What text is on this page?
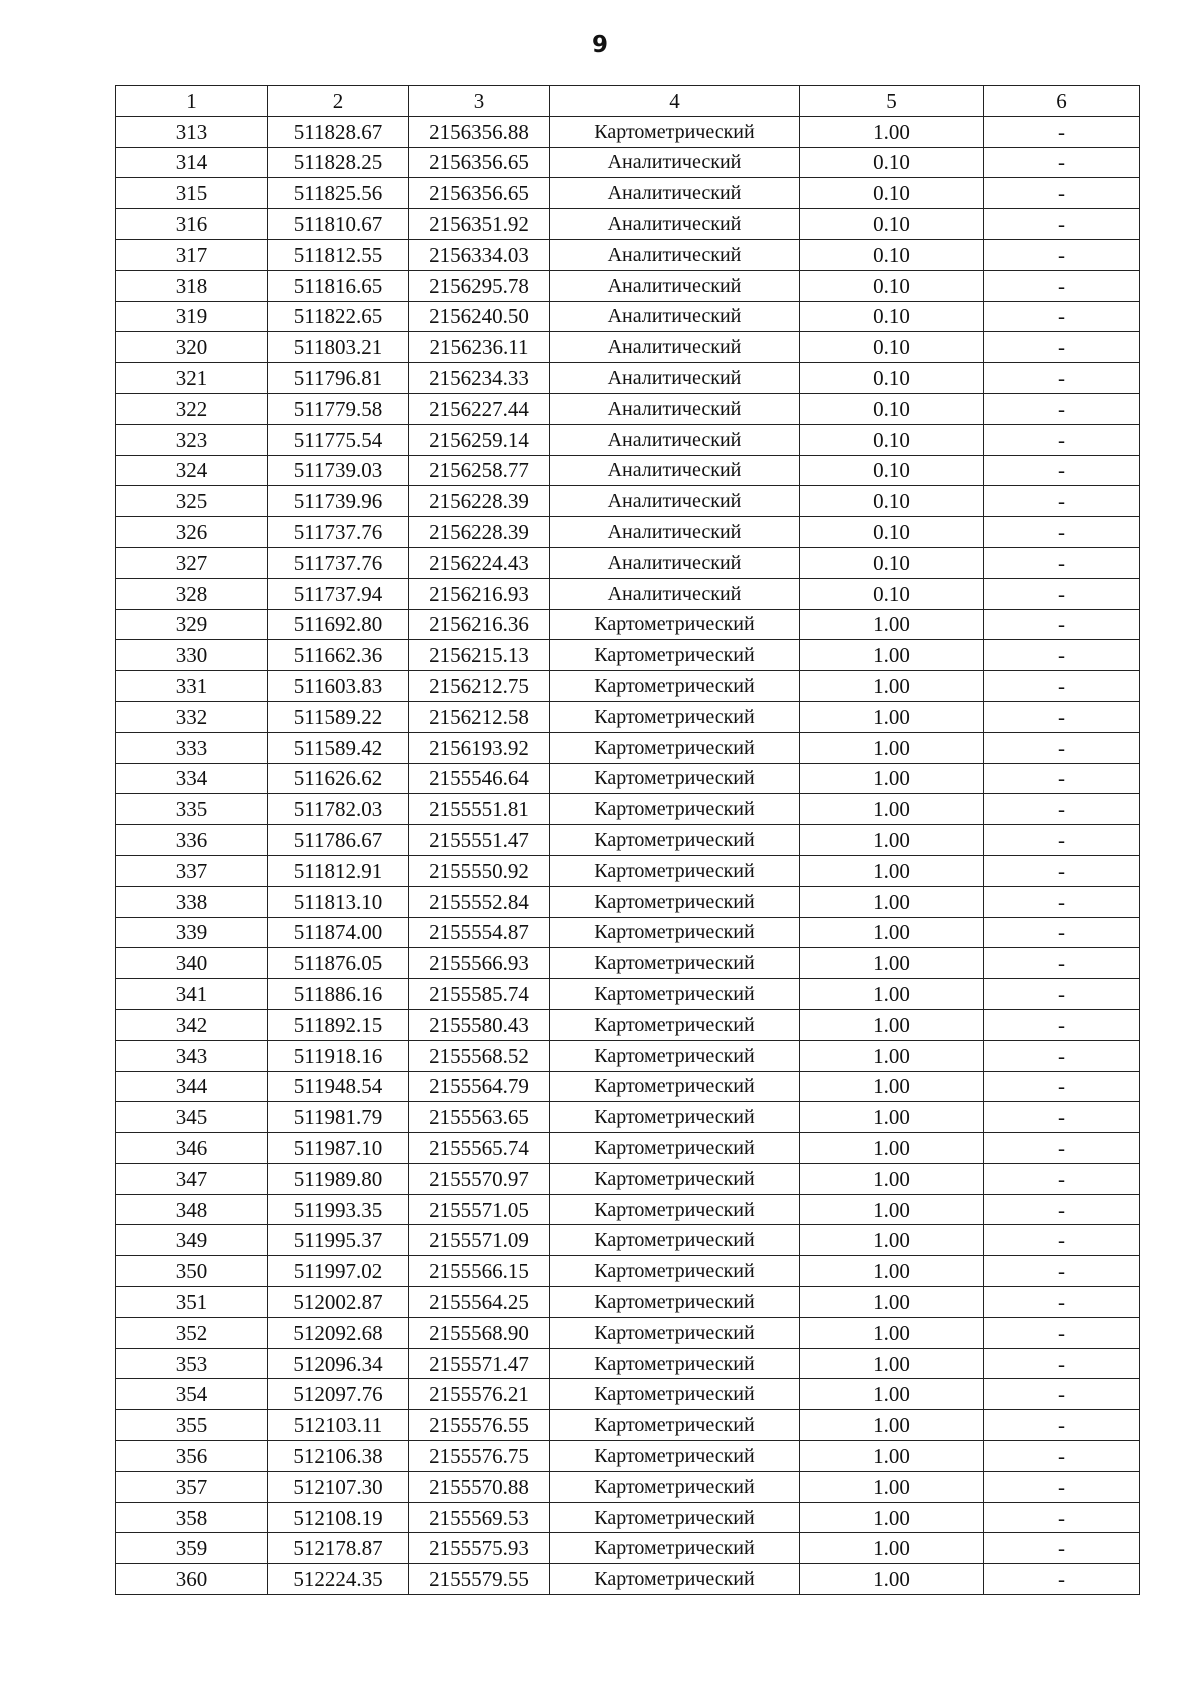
9
1	2	3	4	5	6
313	511828.67	2156356.88	Картометрический	1.00	-
314	511828.25	2156356.65	Аналитический	0.10	-
315	511825.56	2156356.65	Аналитический	0.10	-
316	511810.67	2156351.92	Аналитический	0.10	-
317	511812.55	2156334.03	Аналитический	0.10	-
318	511816.65	2156295.78	Аналитический	0.10	-
319	511822.65	2156240.50	Аналитический	0.10	-
320	511803.21	2156236.11	Аналитический	0.10	-
321	511796.81	2156234.33	Аналитический	0.10	-
322	511779.58	2156227.44	Аналитический	0.10	-
323	511775.54	2156259.14	Аналитический	0.10	-
324	511739.03	2156258.77	Аналитический	0.10	-
325	511739.96	2156228.39	Аналитический	0.10	-
326	511737.76	2156228.39	Аналитический	0.10	-
327	511737.76	2156224.43	Аналитический	0.10	-
328	511737.94	2156216.93	Аналитический	0.10	-
329	511692.80	2156216.36	Картометрический	1.00	-
330	511662.36	2156215.13	Картометрический	1.00	-
331	511603.83	2156212.75	Картометрический	1.00	-
332	511589.22	2156212.58	Картометрический	1.00	-
333	511589.42	2156193.92	Картометрический	1.00	-
334	511626.62	2155546.64	Картометрический	1.00	-
335	511782.03	2155551.81	Картометрический	1.00	-
336	511786.67	2155551.47	Картометрический	1.00	-
337	511812.91	2155550.92	Картометрический	1.00	-
338	511813.10	2155552.84	Картометрический	1.00	-
339	511874.00	2155554.87	Картометрический	1.00	-
340	511876.05	2155566.93	Картометрический	1.00	-
341	511886.16	2155585.74	Картометрический	1.00	-
342	511892.15	2155580.43	Картометрический	1.00	-
343	511918.16	2155568.52	Картометрический	1.00	-
344	511948.54	2155564.79	Картометрический	1.00	-
345	511981.79	2155563.65	Картометрический	1.00	-
346	511987.10	2155565.74	Картометрический	1.00	-
347	511989.80	2155570.97	Картометрический	1.00	-
348	511993.35	2155571.05	Картометрический	1.00	-
349	511995.37	2155571.09	Картометрический	1.00	-
350	511997.02	2155566.15	Картометрический	1.00	-
351	512002.87	2155564.25	Картометрический	1.00	-
352	512092.68	2155568.90	Картометрический	1.00	-
353	512096.34	2155571.47	Картометрический	1.00	-
354	512097.76	2155576.21	Картометрический	1.00	-
355	512103.11	2155576.55	Картометрический	1.00	-
356	512106.38	2155576.75	Картометрический	1.00	-
357	512107.30	2155570.88	Картометрический	1.00	-
358	512108.19	2155569.53	Картометрический	1.00	-
359	512178.87	2155575.93	Картометрический	1.00	-
360	512224.35	2155579.55	Картометрический	1.00	-
